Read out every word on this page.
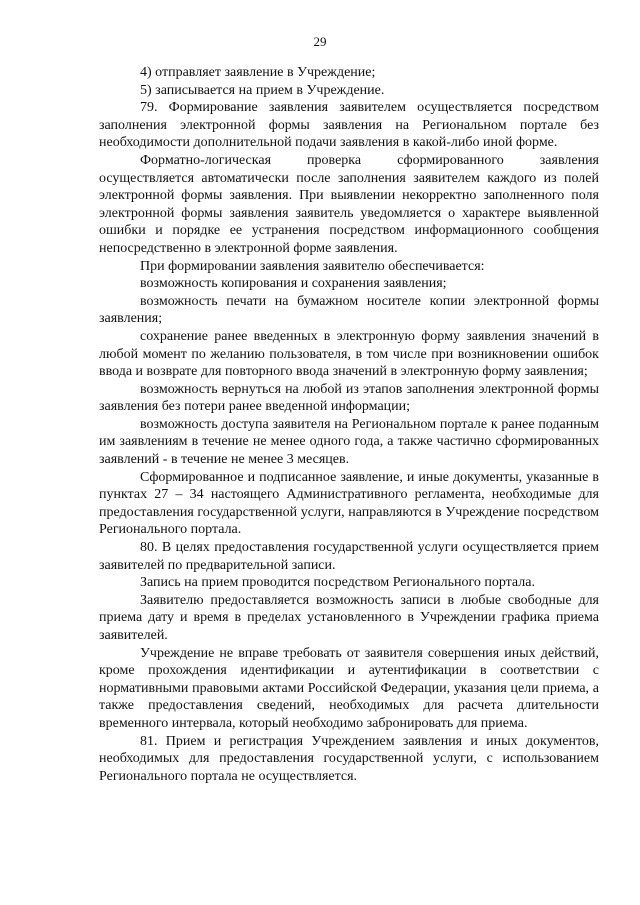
29

4) отправляет заявление в Учреждение;

5) записывается на прием в Учреждение.

79. Формирование заявления заявителем осуществляется посредством заполнения электронной формы заявления на Региональном портале без необходимости дополнительной подачи заявления в какой-либо иной форме.

Форматно-логическая проверка сформированного заявления осуществляется автоматически после заполнения заявителем каждого из полей электронной формы заявления. При выявлении некорректно заполненного поля электронной формы заявления заявитель уведомляется о характере выявленной ошибки и порядке ее устранения посредством информационного сообщения непосредственно в электронной форме заявления.

При формировании заявления заявителю обеспечивается:

возможность копирования и сохранения заявления;

возможность печати на бумажном носителе копии электронной формы заявления;

сохранение ранее введенных в электронную форму заявления значений в любой момент по желанию пользователя, в том числе при возникновении ошибок ввода и возврате для повторного ввода значений в электронную форму заявления;

возможность вернуться на любой из этапов заполнения электронной формы заявления без потери ранее введенной информации;

возможность доступа заявителя на Региональном портале к ранее поданным им заявлениям в течение не менее одного года, а также частично сформированных заявлений - в течение не менее 3 месяцев.

Сформированное и подписанное заявление, и иные документы, указанные в пунктах 27 – 34 настоящего Административного регламента, необходимые для предоставления государственной услуги, направляются в Учреждение посредством Регионального портала.

80. В целях предоставления государственной услуги осуществляется прием заявителей по предварительной записи.

Запись на прием проводится посредством Регионального портала.

Заявителю предоставляется возможность записи в любые свободные для приема дату и время в пределах установленного в Учреждении графика приема заявителей.

Учреждение не вправе требовать от заявителя совершения иных действий, кроме прохождения идентификации и аутентификации в соответствии с нормативными правовыми актами Российской Федерации, указания цели приема, а также предоставления сведений, необходимых для расчета длительности временного интервала, который необходимо забронировать для приема.

81. Прием и регистрация Учреждением заявления и иных документов, необходимых для предоставления государственной услуги, с использованием Регионального портала не осуществляется.
